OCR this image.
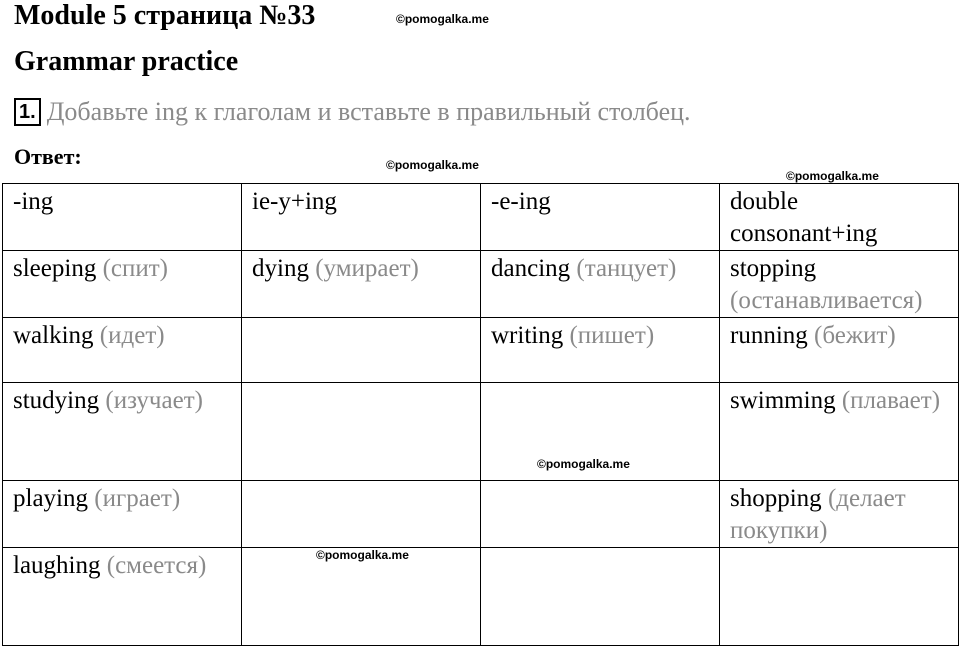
Module 5 страница №33	©pomogalka.me
Grammar practice
1. Добавьте ing к глаголам и вставьте в правильный столбец.
Ответ:	©pomogalka.me
©pomogalka.me
-ing	ie-y+ing	-e-ing	double consonant+ing
sleeping (спит)	dying (умирает)	dancing (танцует)	stopping (останавливается)
walking (идет)		writing (пишет)	running (бежит)
studying (изучает)			swimming (плавает)
playing (играет)			shopping (делает покупки)
laughing (смеется)			
©pomogalka.me
©pomogalka.me
